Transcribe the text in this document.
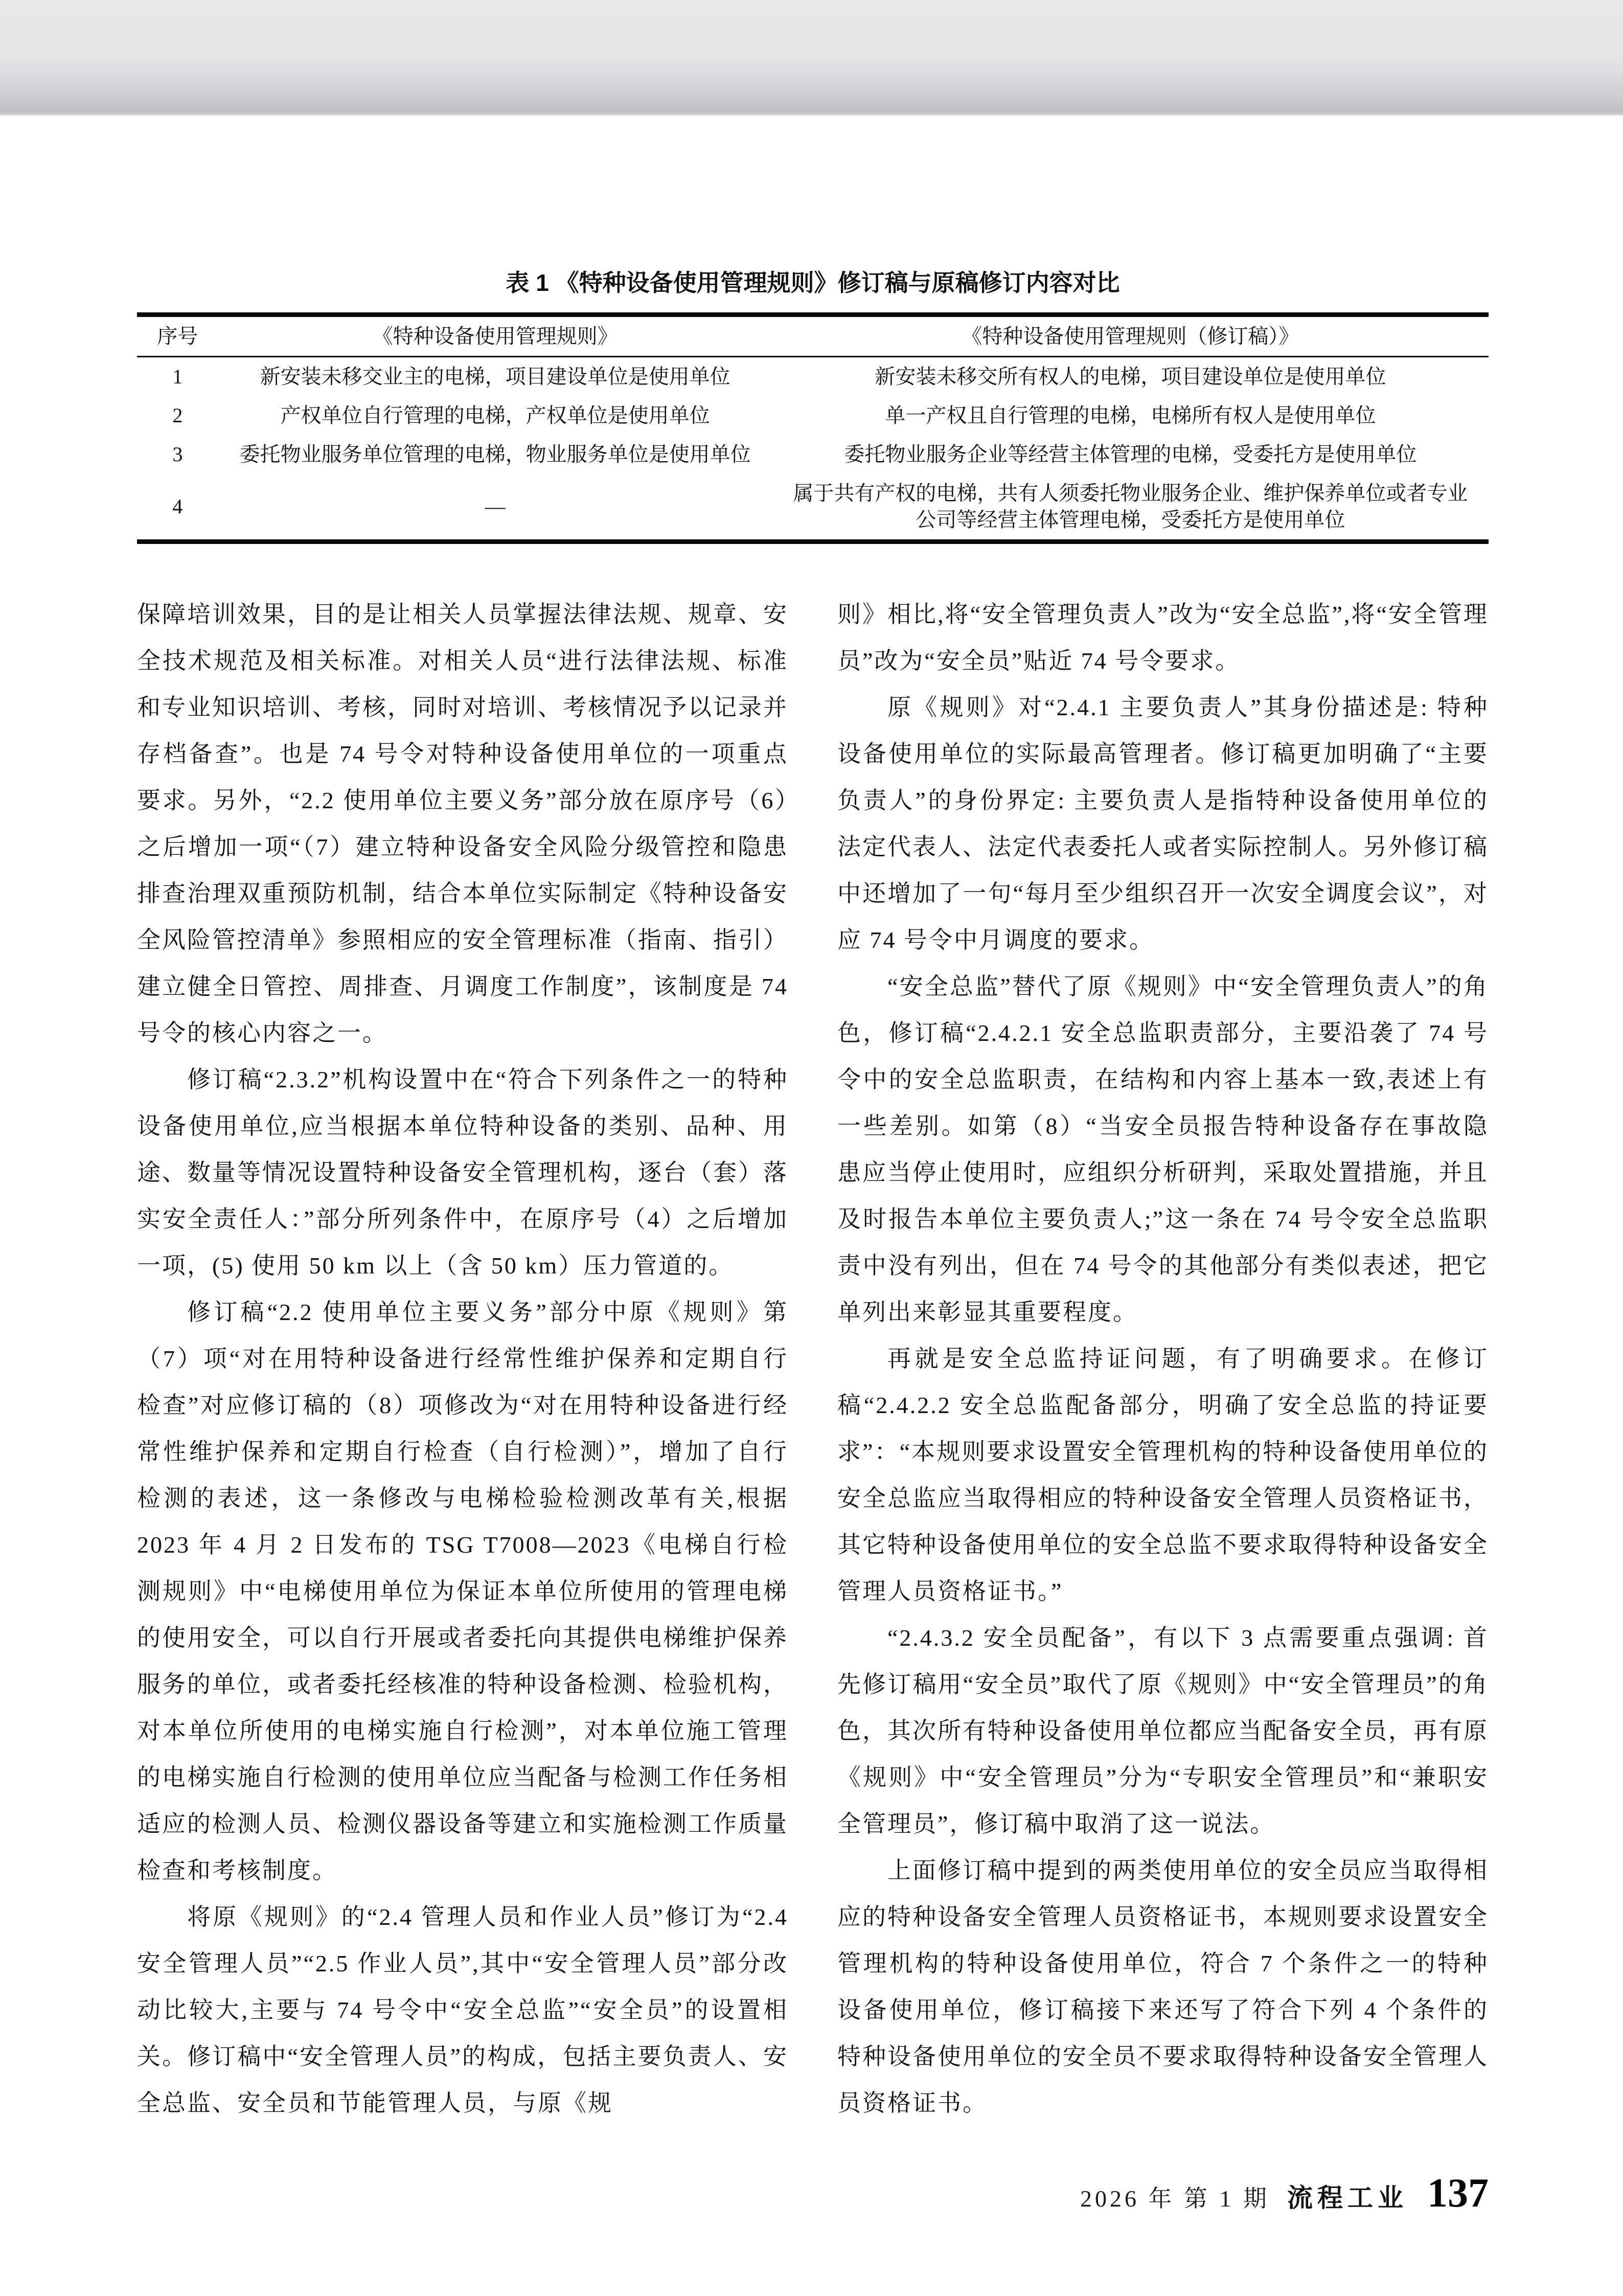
表 1 《特种设备使用管理规则》修订稿与原稿修订内容对比
序号	《特种设备使用管理规则》	《特种设备使用管理规则（修订稿）》
1	新安装未移交业主的电梯，项目建设单位是使用单位	新安装未移交所有权人的电梯，项目建设单位是使用单位
2	产权单位自行管理的电梯，产权单位是使用单位	单一产权且自行管理的电梯，电梯所有权人是使用单位
3	委托物业服务单位管理的电梯，物业服务单位是使用单位	委托物业服务企业等经营主体管理的电梯，受委托方是使用单位
4	—	属于共有产权的电梯，共有人须委托物业服务企业、维护保养单位或者专业公司等经营主体管理电梯，受委托方是使用单位

保障培训效果，目的是让相关人员掌握法律法规、规章、安全技术规范及相关标准。对相关人员“进行法律法规、标准和专业知识培训、考核，同时对培训、考核情况予以记录并存档备查”。也是 74 号令对特种设备使用单位的一项重点要求。另外，“2.2 使用单位主要义务”部分放在原序号（6）之后增加一项“（7）建立特种设备安全风险分级管控和隐患排查治理双重预防机制，结合本单位实际制定《特种设备安全风险管控清单》参照相应的安全管理标准（指南、指引）建立健全日管控、周排查、月调度工作制度”，该制度是 74 号令的核心内容之一。

修订稿“2.3.2”机构设置中在“符合下列条件之一的特种设备使用单位,应当根据本单位特种设备的类别、品种、用途、数量等情况设置特种设备安全管理机构，逐台（套）落实安全责任人：”部分所列条件中，在原序号（4）之后增加一项，(5) 使用 50 km 以上（含 50 km）压力管道的。

修订稿“2.2 使用单位主要义务”部分中原《规则》第（7）项“对在用特种设备进行经常性维护保养和定期自行检查”对应修订稿的（8）项修改为“对在用特种设备进行经常性维护保养和定期自行检查（自行检测）”，增加了自行检测的表述，这一条修改与电梯检验检测改革有关,根据 2023 年 4 月 2 日发布的 TSG T7008—2023《电梯自行检测规则》中“电梯使用单位为保证本单位所使用的管理电梯的使用安全，可以自行开展或者委托向其提供电梯维护保养服务的单位，或者委托经核准的特种设备检测、检验机构，对本单位所使用的电梯实施自行检测”，对本单位施工管理的电梯实施自行检测的使用单位应当配备与检测工作任务相适应的检测人员、检测仪器设备等建立和实施检测工作质量检查和考核制度。

将原《规则》的“2.4 管理人员和作业人员”修订为“2.4 安全管理人员”“2.5 作业人员”,其中“安全管理人员”部分改动比较大,主要与 74 号令中“安全总监”“安全员”的设置相关。修订稿中“安全管理人员”的构成，包括主要负责人、安全总监、安全员和节能管理人员，与原《规

则》相比,将“安全管理负责人”改为“安全总监”,将“安全管理员”改为“安全员”贴近 74 号令要求。

原《规则》对“2.4.1 主要负责人”其身份描述是: 特种设备使用单位的实际最高管理者。修订稿更加明确了“主要负责人”的身份界定: 主要负责人是指特种设备使用单位的法定代表人、法定代表委托人或者实际控制人。另外修订稿中还增加了一句“每月至少组织召开一次安全调度会议”，对应 74 号令中月调度的要求。

“安全总监”替代了原《规则》中“安全管理负责人”的角色，修订稿“2.4.2.1 安全总监职责部分，主要沿袭了 74 号令中的安全总监职责，在结构和内容上基本一致,表述上有一些差别。如第（8）“当安全员报告特种设备存在事故隐患应当停止使用时，应组织分析研判，采取处置措施，并且及时报告本单位主要负责人;”这一条在 74 号令安全总监职责中没有列出，但在 74 号令的其他部分有类似表述，把它单列出来彰显其重要程度。

再就是安全总监持证问题，有了明确要求。在修订稿“2.4.2.2 安全总监配备部分，明确了安全总监的持证要求”：“本规则要求设置安全管理机构的特种设备使用单位的安全总监应当取得相应的特种设备安全管理人员资格证书，其它特种设备使用单位的安全总监不要求取得特种设备安全管理人员资格证书。”

“2.4.3.2 安全员配备”，有以下 3 点需要重点强调: 首先修订稿用“安全员”取代了原《规则》中“安全管理员”的角色，其次所有特种设备使用单位都应当配备安全员，再有原《规则》中“安全管理员”分为“专职安全管理员”和“兼职安全管理员”，修订稿中取消了这一说法。

上面修订稿中提到的两类使用单位的安全员应当取得相应的特种设备安全管理人员资格证书，本规则要求设置安全管理机构的特种设备使用单位，符合 7 个条件之一的特种设备使用单位，修订稿接下来还写了符合下列 4 个条件的特种设备使用单位的安全员不要求取得特种设备安全管理人员资格证书。

2026 年 第 1 期 流程工业 137
